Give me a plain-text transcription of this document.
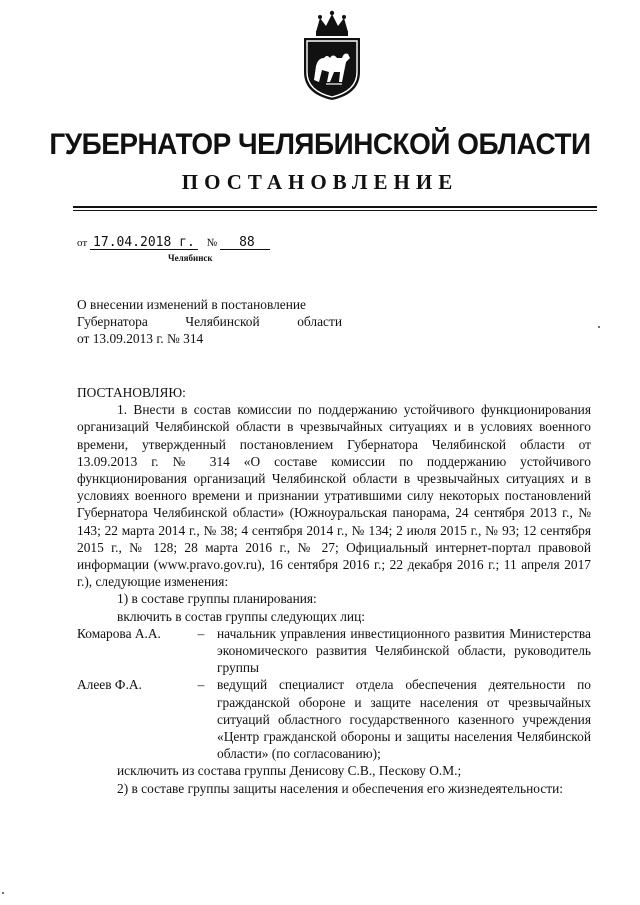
ГУБЕРНАТОР ЧЕЛЯБИНСКОЙ ОБЛАСТИ
ПОСТАНОВЛЕНИЕ
от 17.04.2018 г. № 88
Челябинск
О внесении изменений в постановление
Губернатора Челябинской области
от 13.09.2013 г. № 314

ПОСТАНОВЛЯЮ:

1. Внести в состав комиссии по поддержанию устойчивого функционирования организаций Челябинской области в чрезвычайных ситуациях и в условиях военного времени, утвержденный постановлением Губернатора Челябинской области от 13.09.2013 г. № 314 «О составе комиссии по поддержанию устойчивого функционирования организаций Челябинской области в чрезвычайных ситуациях и в условиях военного времени и признании утратившими силу некоторых постановлений Губернатора Челябинской области» (Южноуральская панорама, 24 сентября 2013 г., № 143; 22 марта 2014 г., № 38; 4 сентября 2014 г., № 134; 2 июля 2015 г., № 93; 12 сентября 2015 г., № 128; 28 марта 2016 г., № 27; Официальный интернет-портал правовой информации (www.pravo.gov.ru), 16 сентября 2016 г.; 22 декабря 2016 г.; 11 апреля 2017 г.), следующие изменения:

1) в составе группы планирования:

включить в состав группы следующих лиц:

Комарова А.А.	– начальник управления инвестиционного развития Министерства экономического развития Челябинской области, руководитель группы
Алеев Ф.А.	– ведущий специалист отдела обеспечения деятельности по гражданской обороне и защите населения от чрезвычайных ситуаций областного государственного казенного учреждения «Центр гражданской обороны и защиты населения Челябинской области» (по согласованию);

исключить из состава группы Денисову С.В., Пескову О.М.;

2) в составе группы защиты населения и обеспечения его жизнедеятельности:
